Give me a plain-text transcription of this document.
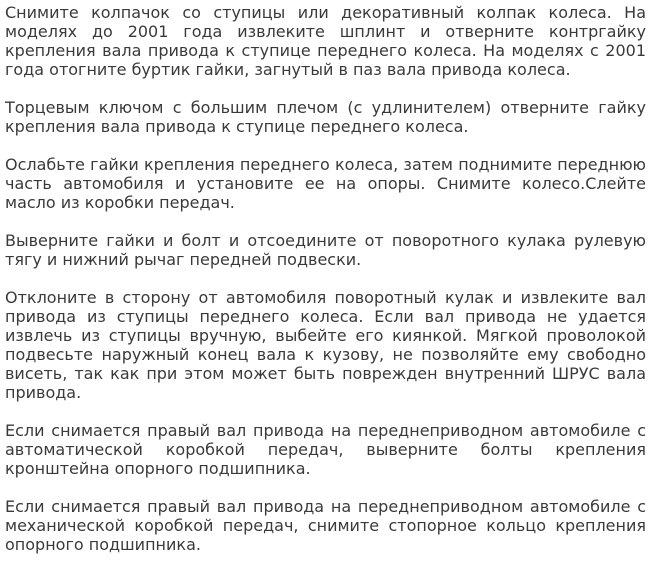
Снимите колпачок со ступицы или декоративный колпак колеса. На моделях до 2001 года извлеките шплинт и отверните контргайку крепления вала привода к ступице переднего колеса. На моделях с 2001 года отогните буртик гайки, загнутый в паз вала привода колеса.

Торцевым ключом с большим плечом (с удлинителем) отверните гайку крепления вала привода к ступице переднего колеса.

Ослабьте гайки крепления переднего колеса, затем поднимите переднюю часть автомобиля и установите ее на опоры. Снимите колесо.Слейте масло из коробки передач.

Выверните гайки и болт и отсоедините от поворотного кулака рулевую тягу и нижний рычаг передней подвески.

Отклоните в сторону от автомобиля поворотный кулак и извлеките вал привода из ступицы переднего колеса. Если вал привода не удается извлечь из ступицы вручную, выбейте его киянкой. Мягкой проволокой подвесьте наружный конец вала к кузову, не позволяйте ему свободно висеть, так как при этом может быть поврежден внутренний ШРУС вала привода.

Если снимается правый вал привода на переднеприводном автомобиле с автоматической коробкой передач, выверните болты крепления кронштейна опорного подшипника.

Если снимается правый вал привода на переднеприводном автомобиле с механической коробкой передач, снимите стопорное кольцо крепления опорного подшипника.
